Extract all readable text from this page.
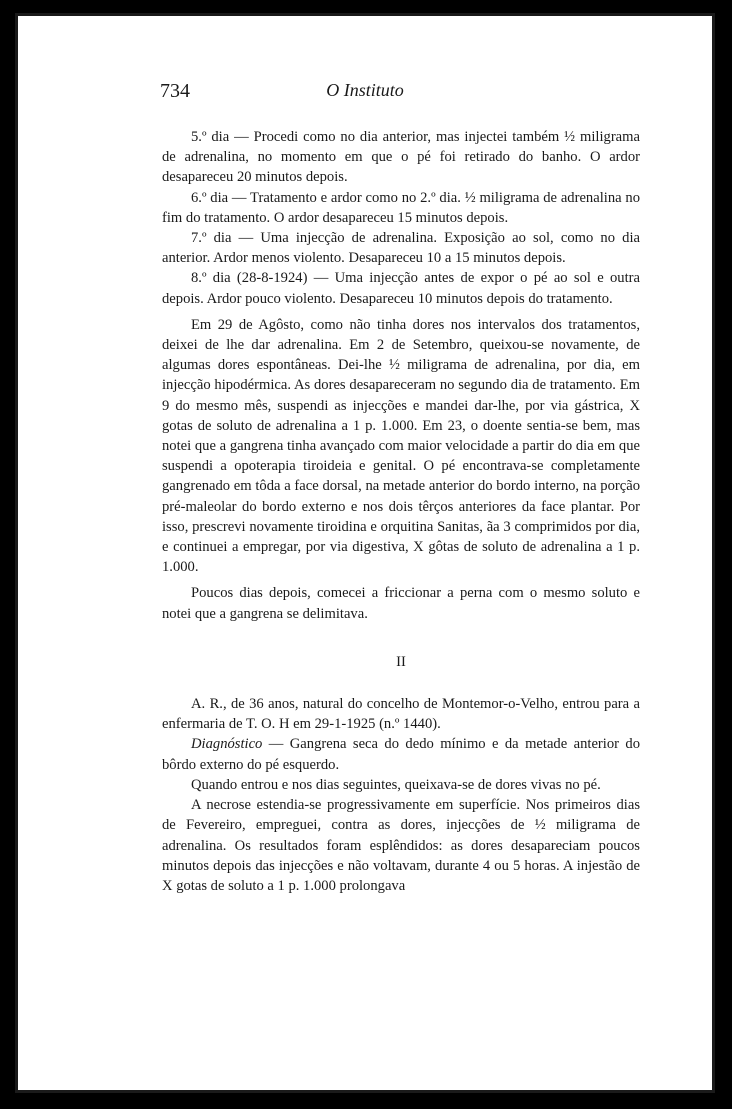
734	O Instituto

5.º dia — Procedi como no dia anterior, mas injectei também ½ miligrama de adrenalina, no momento em que o pé foi retirado do banho. O ardor desapareceu 20 minutos depois.

6.º dia — Tratamento e ardor como no 2.º dia. ½ miligrama de adrenalina no fim do tratamento. O ardor desapareceu 15 minutos depois.

7.º dia — Uma injecção de adrenalina. Exposição ao sol, como no dia anterior. Ardor menos violento. Desapareceu 10 a 15 minutos depois.

8.º dia (28-8-1924) — Uma injecção antes de expor o pé ao sol e outra depois. Ardor pouco violento. Desapareceu 10 minutos depois do tratamento.

Em 29 de Agôsto, como não tinha dores nos intervalos dos tratamentos, deixei de lhe dar adrenalina. Em 2 de Setembro, queixou-se novamente, de algumas dores espontâneas. Dei-lhe ½ miligrama de adrenalina, por dia, em injecção hipodérmica. As dores desapareceram no segundo dia de tratamento. Em 9 do mesmo mês, suspendi as injecções e mandei dar-lhe, por via gástrica, X gotas de soluto de adrenalina a 1 p. 1.000. Em 23, o doente sentia-se bem, mas notei que a gangrena tinha avançado com maior velocidade a partir do dia em que suspendi a opoterapia tiroideia e genital. O pé encontrava-se completamente gangrenado em tôda a face dorsal, na metade anterior do bordo interno, na porção pré-maleolar do bordo externo e nos dois têrços anteriores da face plantar. Por isso, prescrevi novamente tiroidina e orquitina Sanitas, ãa 3 comprimidos por dia, e continuei a empregar, por via digestiva, X gôtas de soluto de adrenalina a 1 p. 1.000.

Poucos dias depois, comecei a friccionar a perna com o mesmo soluto e notei que a gangrena se delimitava.

II

A. R., de 36 anos, natural do concelho de Montemor-o-Velho, entrou para a enfermaria de T. O. H em 29-1-1925 (n.º 1440).

Diagnóstico — Gangrena seca do dedo mínimo e da metade anterior do bôrdo externo do pé esquerdo.

Quando entrou e nos dias seguintes, queixava-se de dores vivas no pé.

A necrose estendia-se progressivamente em superfície. Nos primeiros dias de Fevereiro, empreguei, contra as dores, injecções de ½ miligrama de adrenalina. Os resultados foram esplêndidos: as dores desapareciam poucos minutos depois das injecções e não voltavam, durante 4 ou 5 horas. A injestão de X gotas de soluto a 1 p. 1.000 prolongava
